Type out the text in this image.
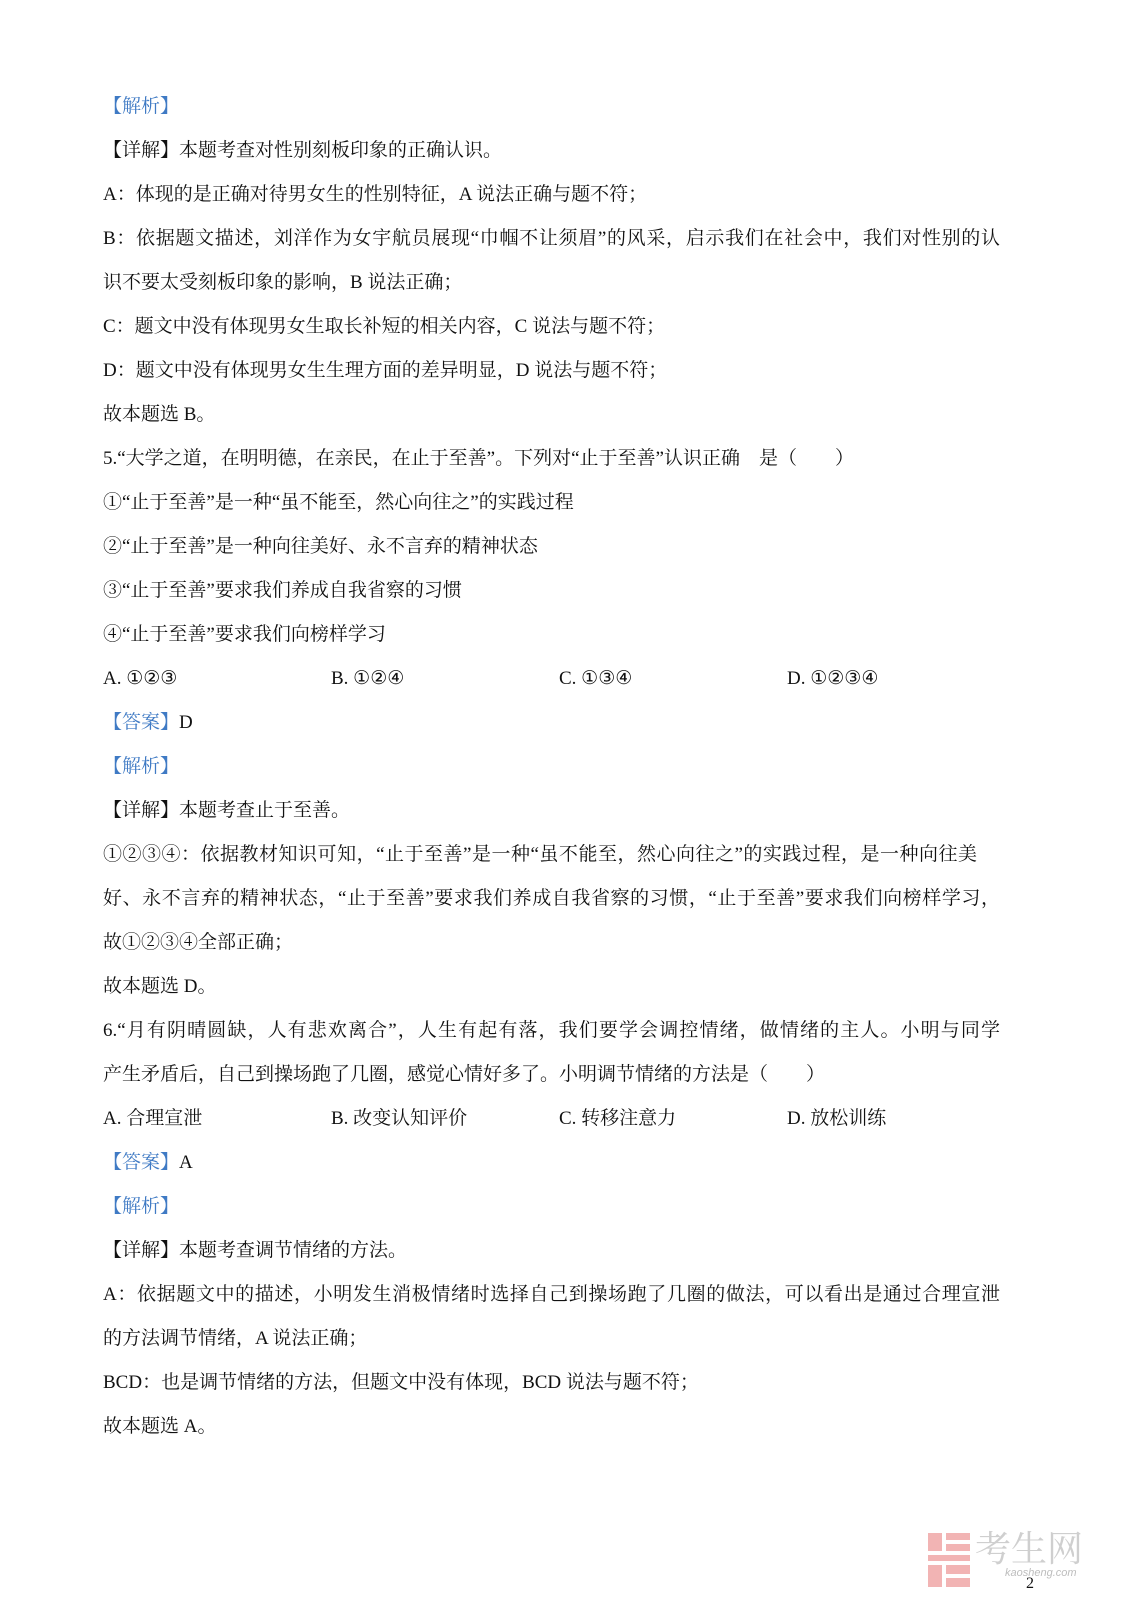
【解析】
【详解】本题考查对性别刻板印象的正确认识。
A：体现的是正确对待男女生的性别特征，A 说法正确与题不符；
B：依据题文描述，刘洋作为女宇航员展现“巾帼不让须眉”的风采，启示我们在社会中，我们对性别的认
识不要太受刻板印象的影响，B 说法正确；
C：题文中没有体现男女生取长补短的相关内容，C 说法与题不符；
D：题文中没有体现男女生生理方面的差异明显，D 说法与题不符；
故本题选 B。
5.“大学之道，在明明德，在亲民，在止于至善”。下列对“止于至善”认识正确　是（　　）
①“止于至善”是一种“虽不能至，然心向往之”的实践过程
②“止于至善”是一种向往美好、永不言弃的精神状态
③“止于至善”要求我们养成自我省察的习惯
④“止于至善”要求我们向榜样学习
A. ①②③	B. ①②④	C. ①③④	D. ①②③④
【答案】D
【解析】
【详解】本题考查止于至善。
①②③④：依据教材知识可知，“止于至善”是一种“虽不能至，然心向往之”的实践过程，是一种向往美
好、永不言弃的精神状态，“止于至善”要求我们养成自我省察的习惯，“止于至善”要求我们向榜样学习，
故①②③④全部正确；
故本题选 D。
6.“月有阴晴圆缺，人有悲欢离合”，人生有起有落，我们要学会调控情绪，做情绪的主人。小明与同学
产生矛盾后，自己到操场跑了几圈，感觉心情好多了。小明调节情绪的方法是（　　）
A. 合理宣泄	B. 改变认知评价	C. 转移注意力	D. 放松训练
【答案】A
【解析】
【详解】本题考查调节情绪的方法。
A：依据题文中的描述，小明发生消极情绪时选择自己到操场跑了几圈的做法，可以看出是通过合理宣泄
的方法调节情绪，A 说法正确；
BCD：也是调节情绪的方法，但题文中没有体现，BCD 说法与题不符；
故本题选 A。
考生网
kaosheng.com
2
